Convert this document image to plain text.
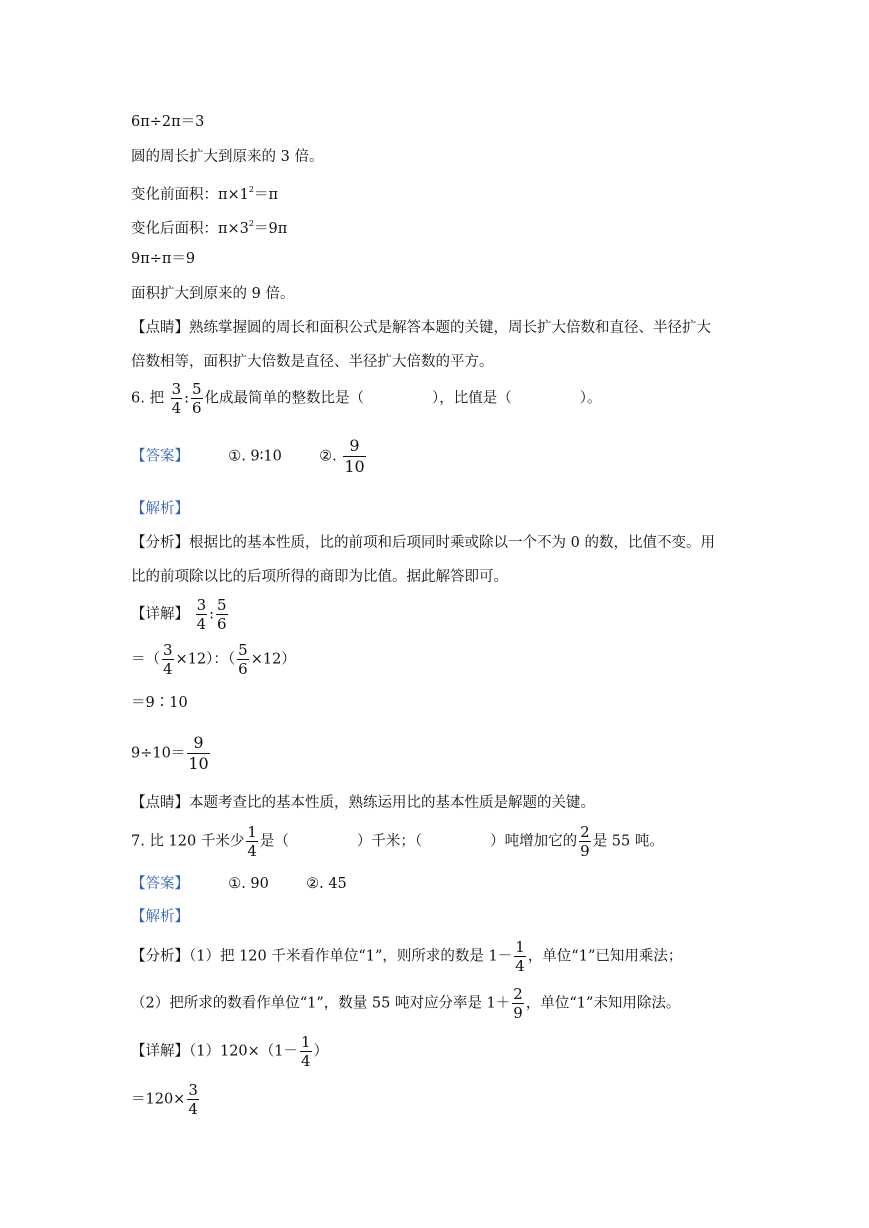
6π÷2π＝3
圆的周长扩大到原来的 3 倍。
变化前面积：$\pi\times 1^2=\pi$
变化后面积：$\pi\times 3^2=9\pi$
9π÷π＝9
面积扩大到原来的 9 倍。
【点睛】熟练掌握圆的周长和面积公式是解答本题的关键，周长扩大倍数和直径、半径扩大
倍数相等，面积扩大倍数是直径、半径扩大倍数的平方。
6. 把 $\frac{3}{4}$ : $\frac{5}{6}$ 化成最简单的整数比是（	），比值是（	）。
【答案】	①. 9∶10	②. $\frac{9}{10}$
【解析】
【分析】根据比的基本性质，比的前项和后项同时乘或除以一个不为 0 的数，比值不变。用
比的前项除以比的后项所得的商即为比值。据此解答即可。
【详解】 $\frac{3}{4}$ : $\frac{5}{6}$
＝（ $\frac{3}{4} \times 12$）：（ $\frac{5}{6} \times 12$）
＝9∶10
$9\div 10= \frac{9}{10}$
【点睛】本题考查比的基本性质，熟练运用比的基本性质是解题的关键。
7. 比 120 千米少 $\frac{1}{4}$ 是（	）千米；（	）吨增加它的 $\frac{2}{9}$ 是 55 吨。
【答案】	①. 90	②. 45
【解析】
【分析】（1）把 120 千米看作单位“1”，则所求的数是 $1- \frac{1}{4}$ ，单位“1”已知用乘法；
（2）把所求的数看作单位“1”，数量 55 吨对应分率是 $1+ \frac{2}{9}$ ，单位“1”未知用除法。
【详解】$(1)120\times(1- \frac{1}{4}$ ）
$=120\times \frac{3}{4}$
